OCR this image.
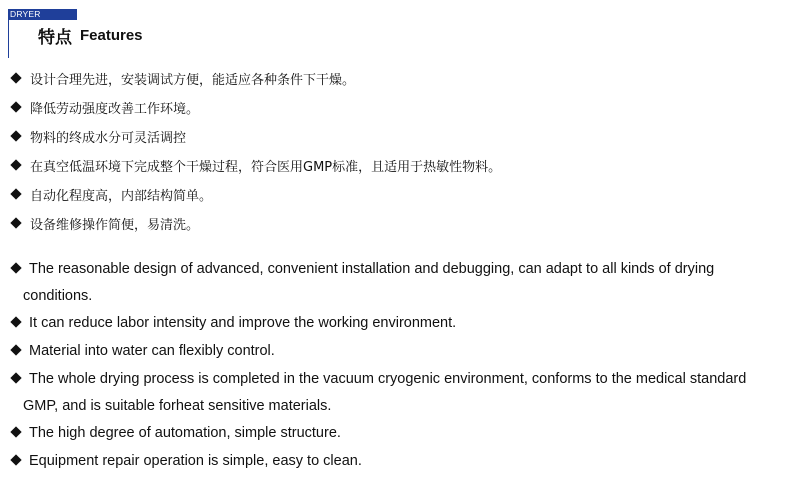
DRYER
特点 Features
设计合理先进，安装调试方便，能适应各种条件下干燥。
降低劳动强度改善工作环境。
物料的终成水分可灵活调控
在真空低温环境下完成整个干燥过程，符合医用GMP标准，且适用于热敏性物料。
自动化程度高，内部结构简单。
设备维修操作简便，易清洗。
The reasonable design of advanced, convenient installation and debugging, can adapt to all kinds of drying
conditions.
It can reduce labor intensity and improve the working environment.
Material into water can flexibly control.
The whole drying process is completed in the vacuum cryogenic environment, conforms to the medical standard
GMP, and is suitable forheat sensitive materials.
The high degree of automation, simple structure.
Equipment repair operation is simple, easy to clean.
